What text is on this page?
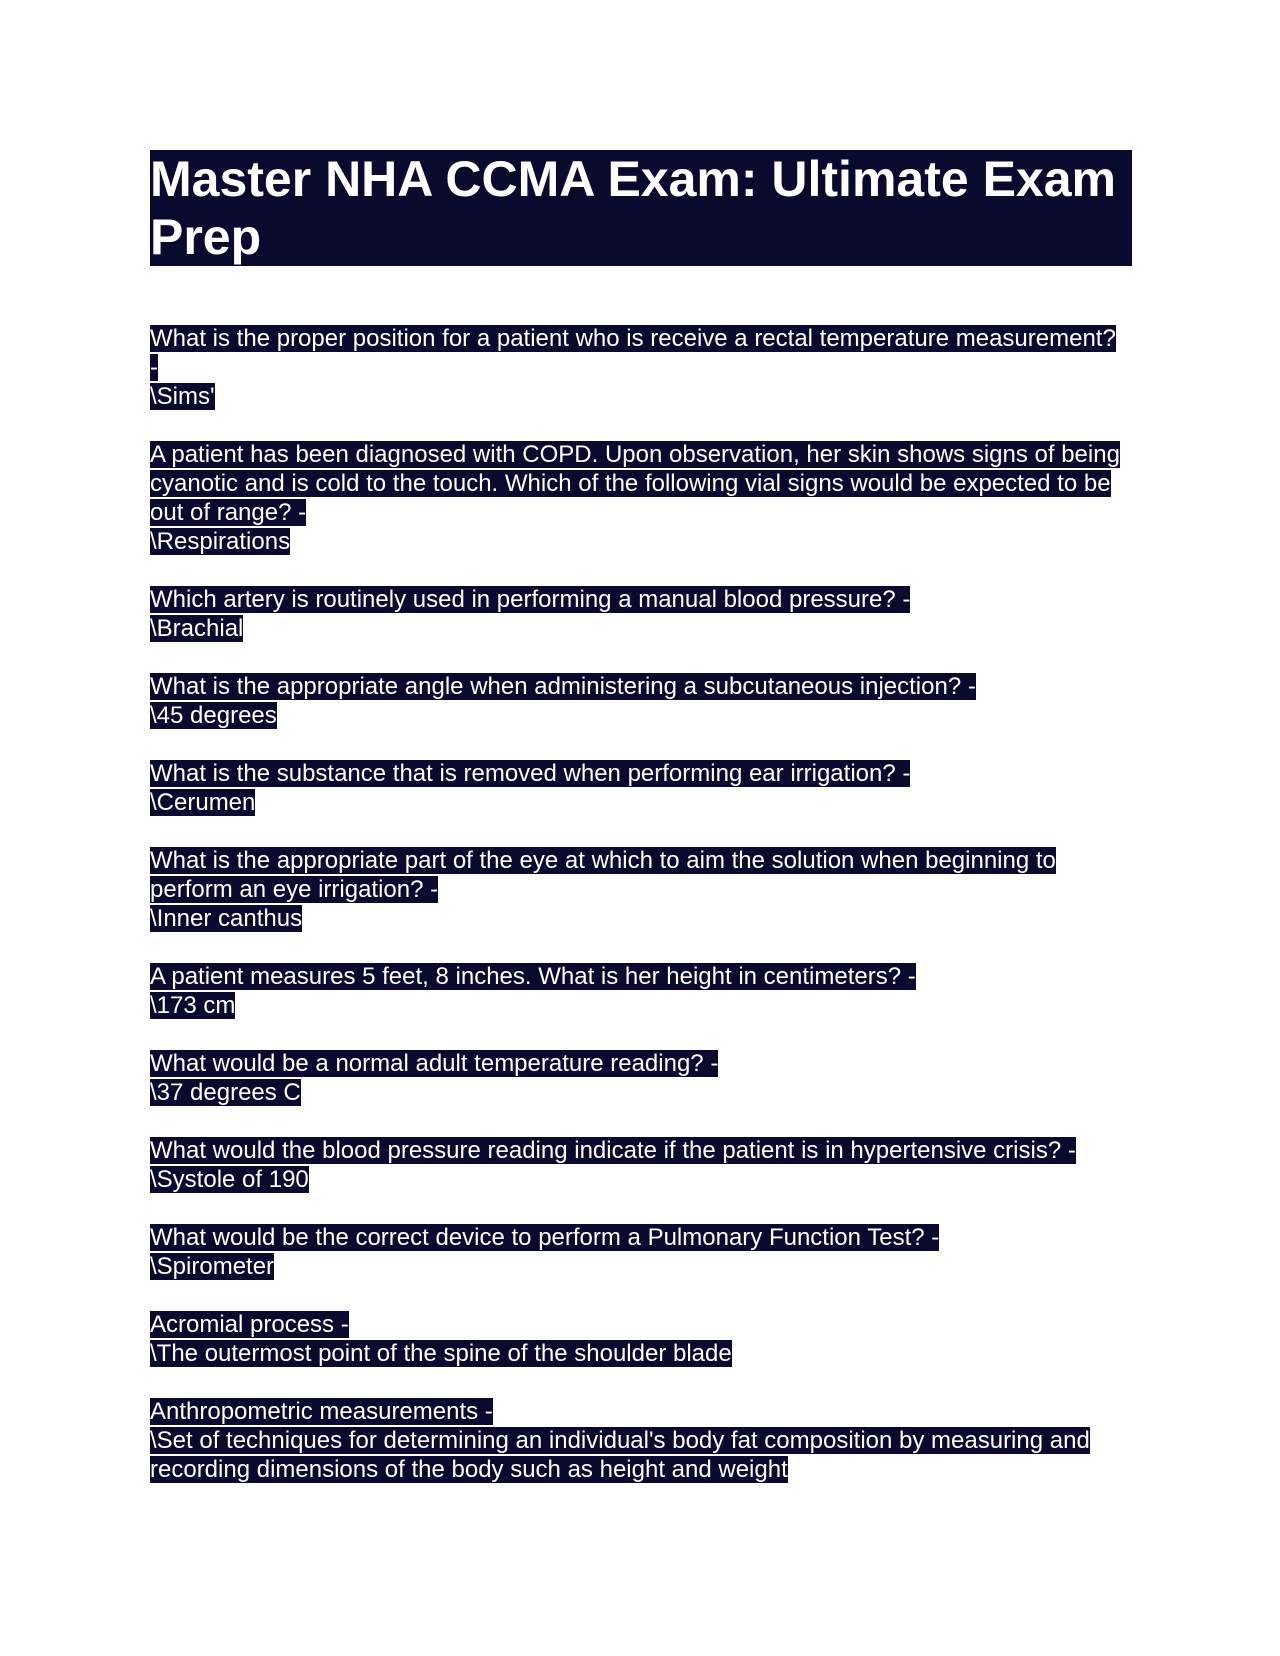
Master NHA CCMA Exam: Ultimate Exam Prep

What is the proper position for a patient who is receive a rectal temperature measurement? -
\Sims'

A patient has been diagnosed with COPD. Upon observation, her skin shows signs of being cyanotic and is cold to the touch. Which of the following vial signs would be expected to be out of range? -
\Respirations

Which artery is routinely used in performing a manual blood pressure? -
\Brachial

What is the appropriate angle when administering a subcutaneous injection? -
\45 degrees

What is the substance that is removed when performing ear irrigation? -
\Cerumen

What is the appropriate part of the eye at which to aim the solution when beginning to perform an eye irrigation? -
\Inner canthus

A patient measures 5 feet, 8 inches. What is her height in centimeters? -
\173 cm

What would be a normal adult temperature reading? -
\37 degrees C

What would the blood pressure reading indicate if the patient is in hypertensive crisis? -
\Systole of 190

What would be the correct device to perform a Pulmonary Function Test? -
\Spirometer

Acromial process -
\The outermost point of the spine of the shoulder blade

Anthropometric measurements -
\Set of techniques for determining an individual's body fat composition by measuring and recording dimensions of the body such as height and weight
